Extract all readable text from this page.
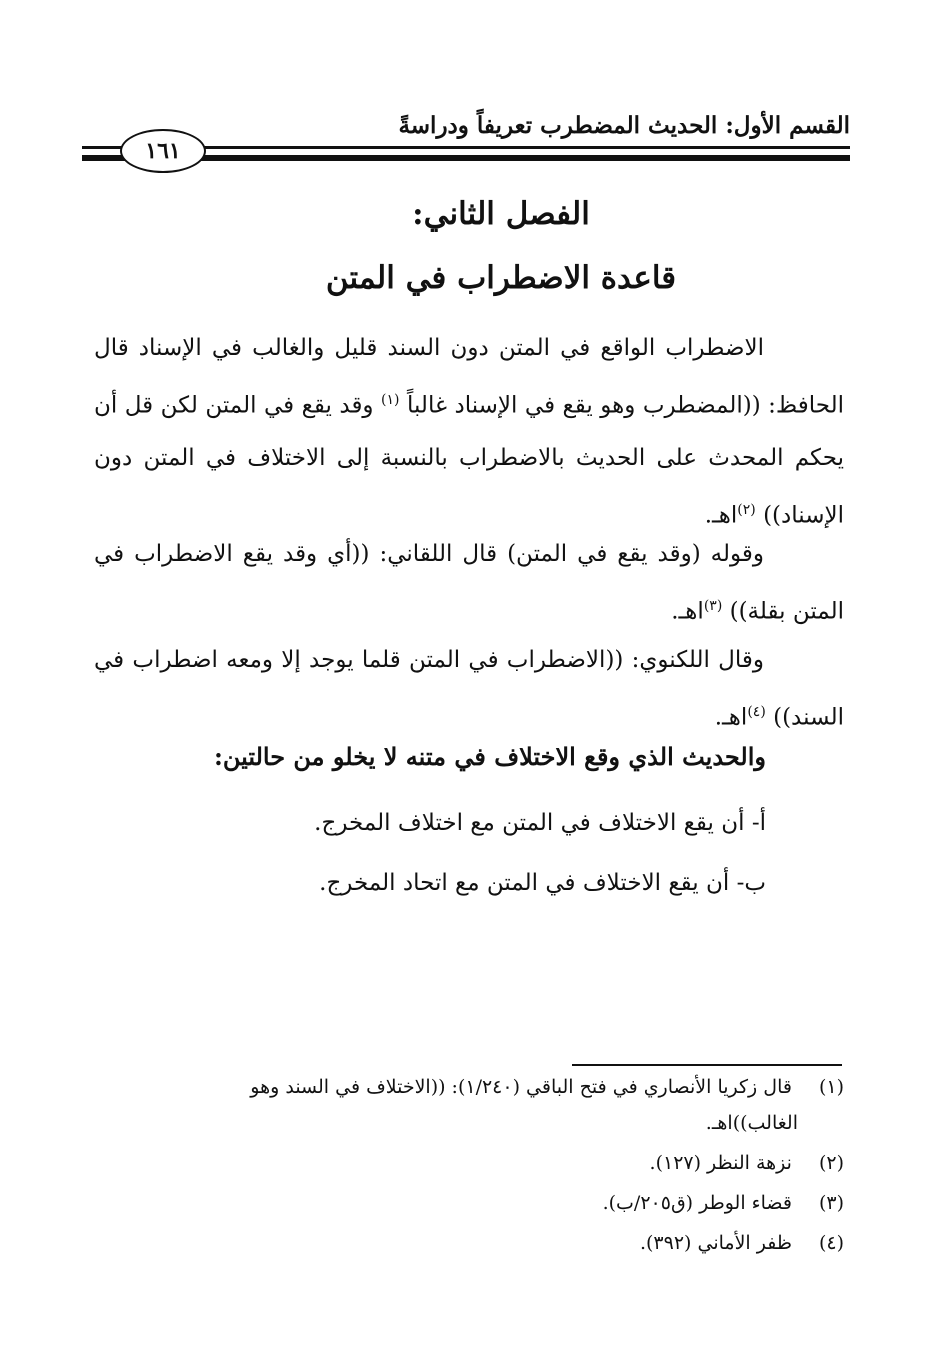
القسم الأول: الحديث المضطرب تعريفاً ودراسةً
١٦١
الفصل الثاني:
قاعدة الاضطراب في المتن
الاضطراب الواقع في المتن دون السند قليل والغالب في الإسناد قال الحافظ: ((المضطرب وهو يقع في الإسناد غالباً $^{(١)}$ وقد يقع في المتن لكن قل أن يحكم المحدث على الحديث بالاضطراب بالنسبة إلى الاختلاف في المتن دون الإسناد)) $^{(٢)}$اهـ.
وقوله (وقد يقع في المتن) قال اللقاني: ((أي وقد يقع الاضطراب في المتن بقلة)) $^{(٣)}$اهـ.
وقال اللكنوي: ((الاضطراب في المتن قلما يوجد إلا ومعه اضطراب في السند)) $^{(٤)}$اهـ.
والحديث الذي وقع الاختلاف في متنه لا يخلو من حالتين:
أ- أن يقع الاختلاف في المتن مع اختلاف المخرج.
ب- أن يقع الاختلاف في المتن مع اتحاد المخرج.
(١) قال زكريا الأنصاري في فتح الباقي (١/٢٤٠): ((الاختلاف في السند وهو
الغالب))اهـ.
(٢) نزهة النظر (١٢٧).
(٣) قضاء الوطر (ق٢٠٥/ب).
(٤) ظفر الأماني (٣٩٢).
